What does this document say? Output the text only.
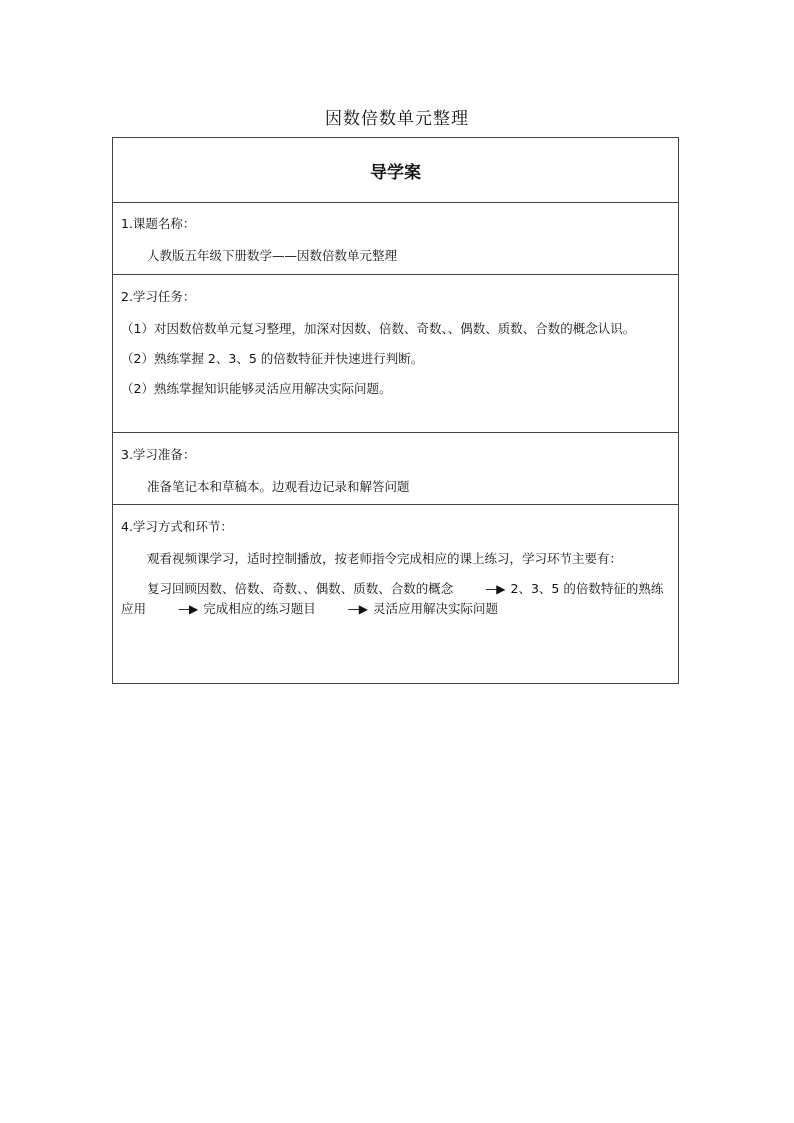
因数倍数单元整理
导学案
1.课题名称：
人教版五年级下册数学——因数倍数单元整理
2.学习任务：
（1）对因数倍数单元复习整理，加深对因数、倍数、奇数、、偶数、质数、合数的概念认识。
（2）熟练掌握 2、3、5 的倍数特征并快速进行判断。
（2）熟练掌握知识能够灵活应用解决实际问题。
3.学习准备：
准备笔记本和草稿本。边观看边记录和解答问题
4.学习方式和环节：
观看视频课学习，适时控制播放，按老师指令完成相应的课上练习，学习环节主要有：
复习回顾因数、倍数、奇数、、偶数、质数、合数的概念	—▶ 2、3、5 的倍数特征的熟练应用	—▶ 完成相应的练习题目	—▶ 灵活应用解决实际问题
